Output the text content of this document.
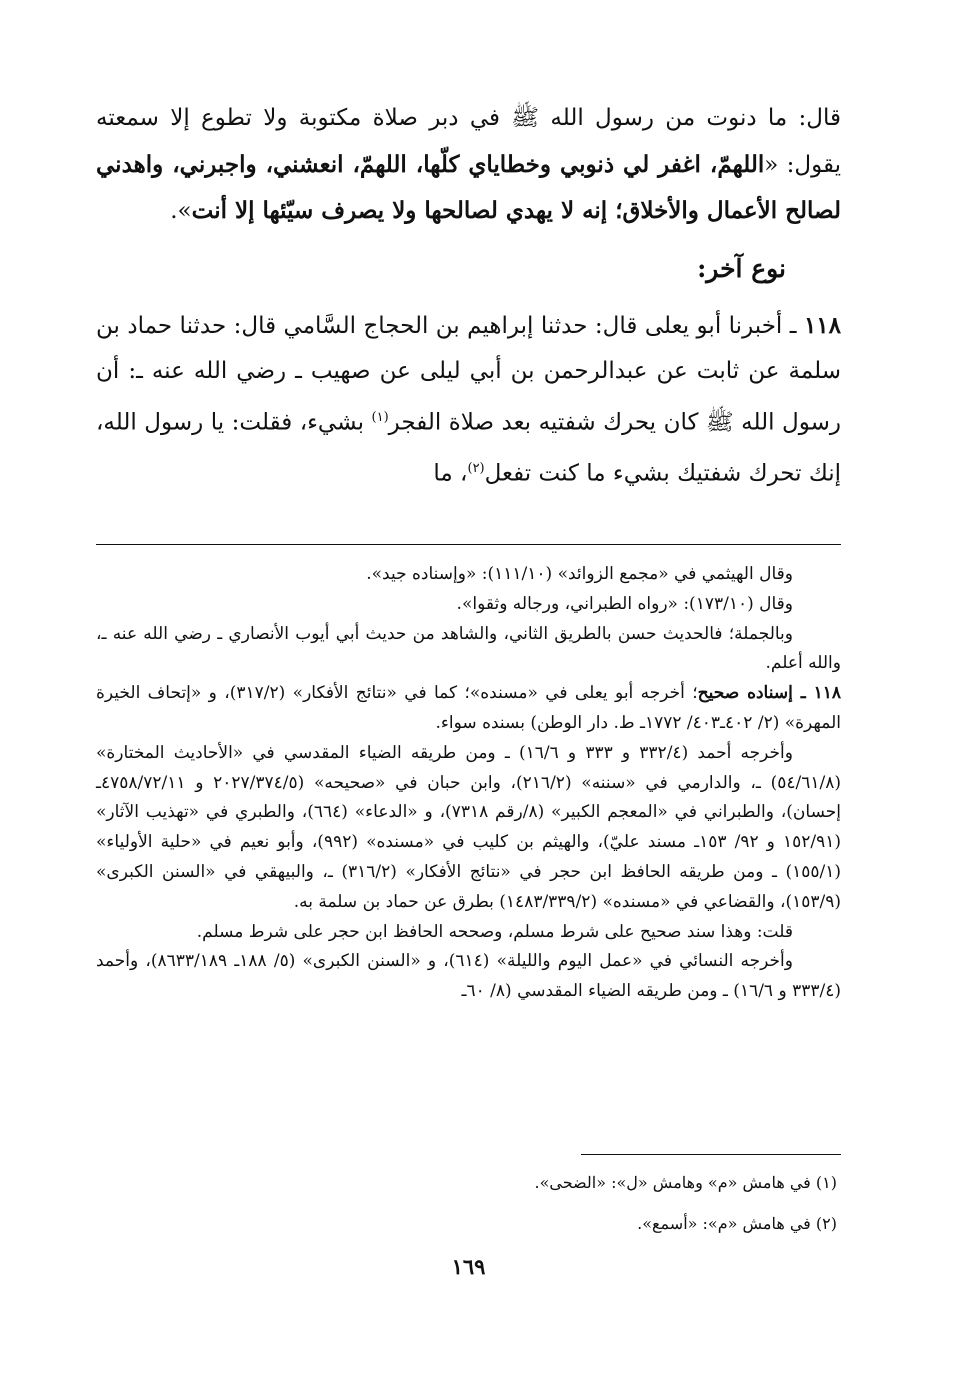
قال: ما دنوت من رسول الله ﷺ في دبر صلاة مكتوبة ولا تطوع إلا سمعته يقول: «اللهمّ، اغفر لي ذنوبي وخطاياي كلّها، اللهمّ، انعشني، واجبرني، واهدني لصالح الأعمال والأخلاق؛ إنه لا يهدي لصالحها ولا يصرف سيّئها إلا أنت».

نوع آخر:

١١٨ ـ أخبرنا أبو يعلى قال: حدثنا إبراهيم بن الحجاج السَّامي قال: حدثنا حماد بن سلمة عن ثابت عن عبدالرحمن بن أبي ليلى عن صهيب ـ رضي الله عنه ـ: أن رسول الله ﷺ كان يحرك شفتيه بعد صلاة الفجر$^{(١)}$ بشيء، فقلت: يا رسول الله، إنك تحرك شفتيك بشيء ما كنت تفعل$^{(٢)}$، ما

وقال الهيثمي في «مجمع الزوائد» (١١١/١٠): «وإسناده جيد».

وقال (١٧٣/١٠): «رواه الطبراني، ورجاله وثقوا».

وبالجملة؛ فالحديث حسن بالطريق الثاني، والشاهد من حديث أبي أيوب الأنصاري ـ رضي الله عنه ـ، والله أعلم.

١١٨ ـ إسناده صحيح؛ أخرجه أبو يعلى في «مسنده»؛ كما في «نتائج الأفكار» (٣١٧/٢)، و «إتحاف الخيرة المهرة» (٢/ ٤٠٢ـ٤٠٣/ ١٧٧٢ـ ط. دار الوطن) بسنده سواء.

وأخرجه أحمد (٣٣٢/٤ و ٣٣٣ و ١٦/٦) ـ ومن طريقه الضياء المقدسي في «الأحاديث المختارة» (٥٤/٦١/٨) ـ، والدارمي في «سننه» (٢١٦/٢)، وابن حبان في «صحيحه» (٢٠٢٧/٣٧٤/٥ و ٤٧٥٨/٧٢/١١ـ إحسان)، والطبراني في «المعجم الكبير» (٨/رقم ٧٣١٨)، و «الدعاء» (٦٦٤)، والطبري في «تهذيب الآثار» (١٥٢/٩١ و ٩٢/ ١٥٣ـ مسند عليّ)، والهيثم بن كليب في «مسنده» (٩٩٢)، وأبو نعيم في «حلية الأولياء» (١٥٥/١) ـ ومن طريقه الحافظ ابن حجر في «نتائج الأفكار» (٣١٦/٢) ـ، والبيهقي في «السنن الكبرى» (١٥٣/٩)، والقضاعي في «مسنده» (١٤٨٣/٣٣٩/٢) بطرق عن حماد بن سلمة به.

قلت: وهذا سند صحيح على شرط مسلم، وصححه الحافظ ابن حجر على شرط مسلم.

وأخرجه النسائي في «عمل اليوم والليلة» (٦١٤)، و «السنن الكبرى» (٥/ ١٨٨ـ ٨٦٣٣/١٨٩)، وأحمد (٣٣٣/٤ و ١٦/٦) ـ ومن طريقه الضياء المقدسي (٨/ ٦٠ـ

(١) في هامش «م» وهامش «ل»: «الضحى».

(٢) في هامش «م»: «أسمع».

١٦٩
